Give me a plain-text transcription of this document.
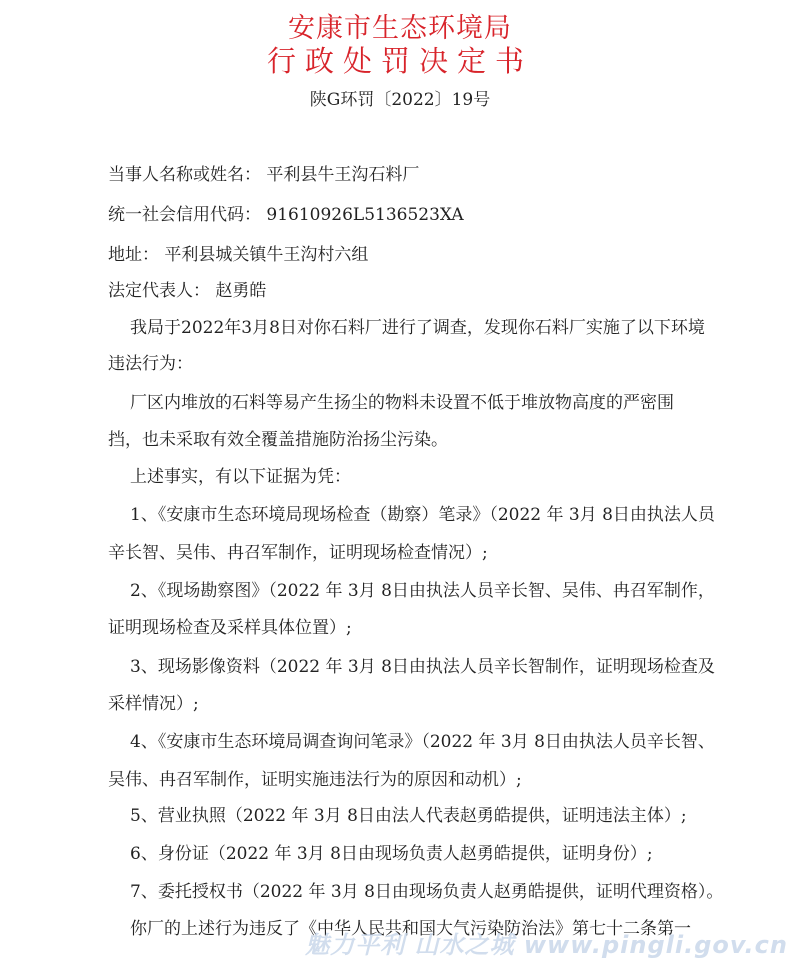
安康市生态环境局
行政处罚决定书
陕G环罚〔2022〕19号
当事人名称或姓名： 平利县牛王沟石料厂
统一社会信用代码： 91610926L5136523XA
地址： 平利县城关镇牛王沟村六组
法定代表人： 赵勇皓
我局于2022年3月8日对你石料厂进行了调查，发现你石料厂实施了以下环境
违法行为：
厂区内堆放的石料等易产生扬尘的物料未设置不低于堆放物高度的严密围
挡，也未采取有效全覆盖措施防治扬尘污染。
上述事实，有以下证据为凭：
1、《安康市生态环境局现场检查（勘察）笔录》（2022 年 3月 8日由执法人员
辛长智、吴伟、冉召军制作，证明现场检查情况）;
2、《现场勘察图》（2022 年 3月 8日由执法人员辛长智、吴伟、冉召军制作，
证明现场检查及采样具体位置）;
3、现场影像资料（2022 年 3月 8日由执法人员辛长智制作，证明现场检查及
采样情况）;
4、《安康市生态环境局调查询问笔录》（2022 年 3月 8日由执法人员辛长智、
吴伟、冉召军制作，证明实施违法行为的原因和动机）;
5、营业执照（2022 年 3月 8日由法人代表赵勇皓提供，证明违法主体）;
6、身份证（2022 年 3月 8日由现场负责人赵勇皓提供，证明身份）;
7、委托授权书（2022 年 3月 8日由现场负责人赵勇皓提供，证明代理资格）。
你厂的上述行为违反了《中华人民共和国大气污染防治法》第七十二条第一
魅力平利 山水之城 www.pingli.gov.cn
